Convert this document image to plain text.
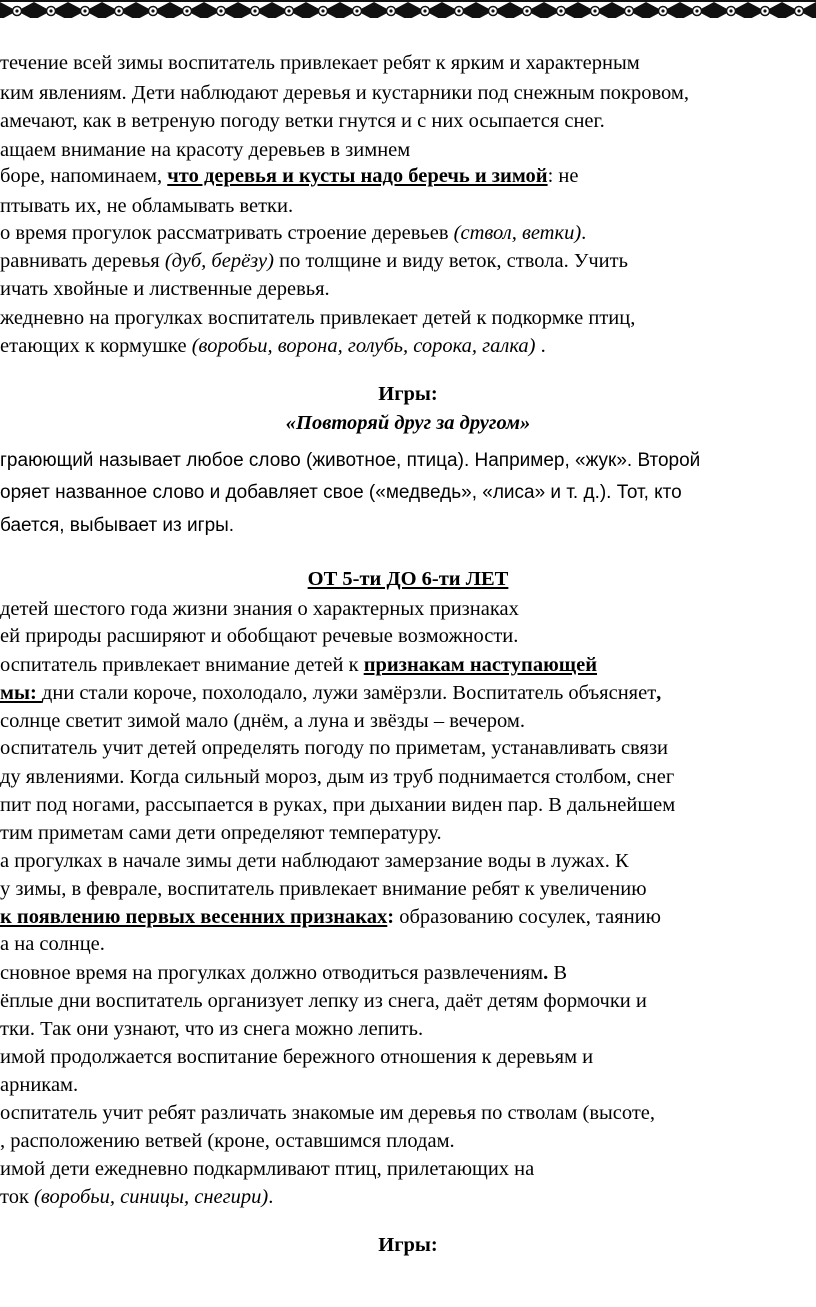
течение всей зимы воспитатель привлекает ребят к ярким и характерным
ким явлениям. Дети наблюдают деревья и кустарники под снежным покровом,
амечают, как в ветреную погоду ветки гнутся и с них осыпается снег.
ащаем внимание на красоту деревьев в зимнем
боре, напоминаем, что деревья и кусты надо беречь и зимой: не
птывать их, не обламывать ветки.
о время прогулок рассматривать строение деревьев (ствол, ветки).
равнивать деревья (дуб, берёзу) по толщине и виду веток, ствола. Учить
ичать хвойные и лиственные деревья.
жедневно на прогулках воспитатель привлекает детей к подкормке птиц,
етающих к кормушке (воробьи, ворона, голубь, сорока, галка) .
Игры:
«Повторяй друг за другом»
граюющий называет любое слово (животное, птица). Например, «жук». Второй
оряет названное слово и добавляет свое («медведь», «лиса» и т. д.). Тот, кто
бается, выбывает из игры.
ОТ 5-ти ДО 6-ти ЛЕТ
детей шестого года жизни знания о характерных признаках
ей природы расширяют и обобщают речевые возможности.
оспитатель привлекает внимание детей к признакам наступающей
мы: дни стали короче, похолодало, лужи замёрзли. Воспитатель объясняет,
солнце светит зимой мало (днём, а луна и звёзды – вечером.
оспитатель учит детей определять погоду по приметам, устанавливать связи
ду явлениями. Когда сильный мороз, дым из труб поднимается столбом, снег
пит под ногами, рассыпается в руках, при дыхании виден пар. В дальнейшем
тим приметам сами дети определяют температуру.
а прогулках в начале зимы дети наблюдают замерзание воды в лужах. К
у зимы, в феврале, воспитатель привлекает внимание ребят к увеличению
к появлению первых весенних признаках: образованию сосулек, таянию
а на солнце.
сновное время на прогулках должно отводиться развлечениям. В
ёплые дни воспитатель организует лепку из снега, даёт детям формочки и
тки. Так они узнают, что из снега можно лепить.
имой продолжается воспитание бережного отношения к деревьям и
арникам.
оспитатель учит ребят различать знакомые им деревья по стволам (высоте,
, расположению ветвей (кроне, оставшимся плодам.
имой дети ежедневно подкармливают птиц, прилетающих на
ток (воробьи, синицы, снегири).
Игры:
